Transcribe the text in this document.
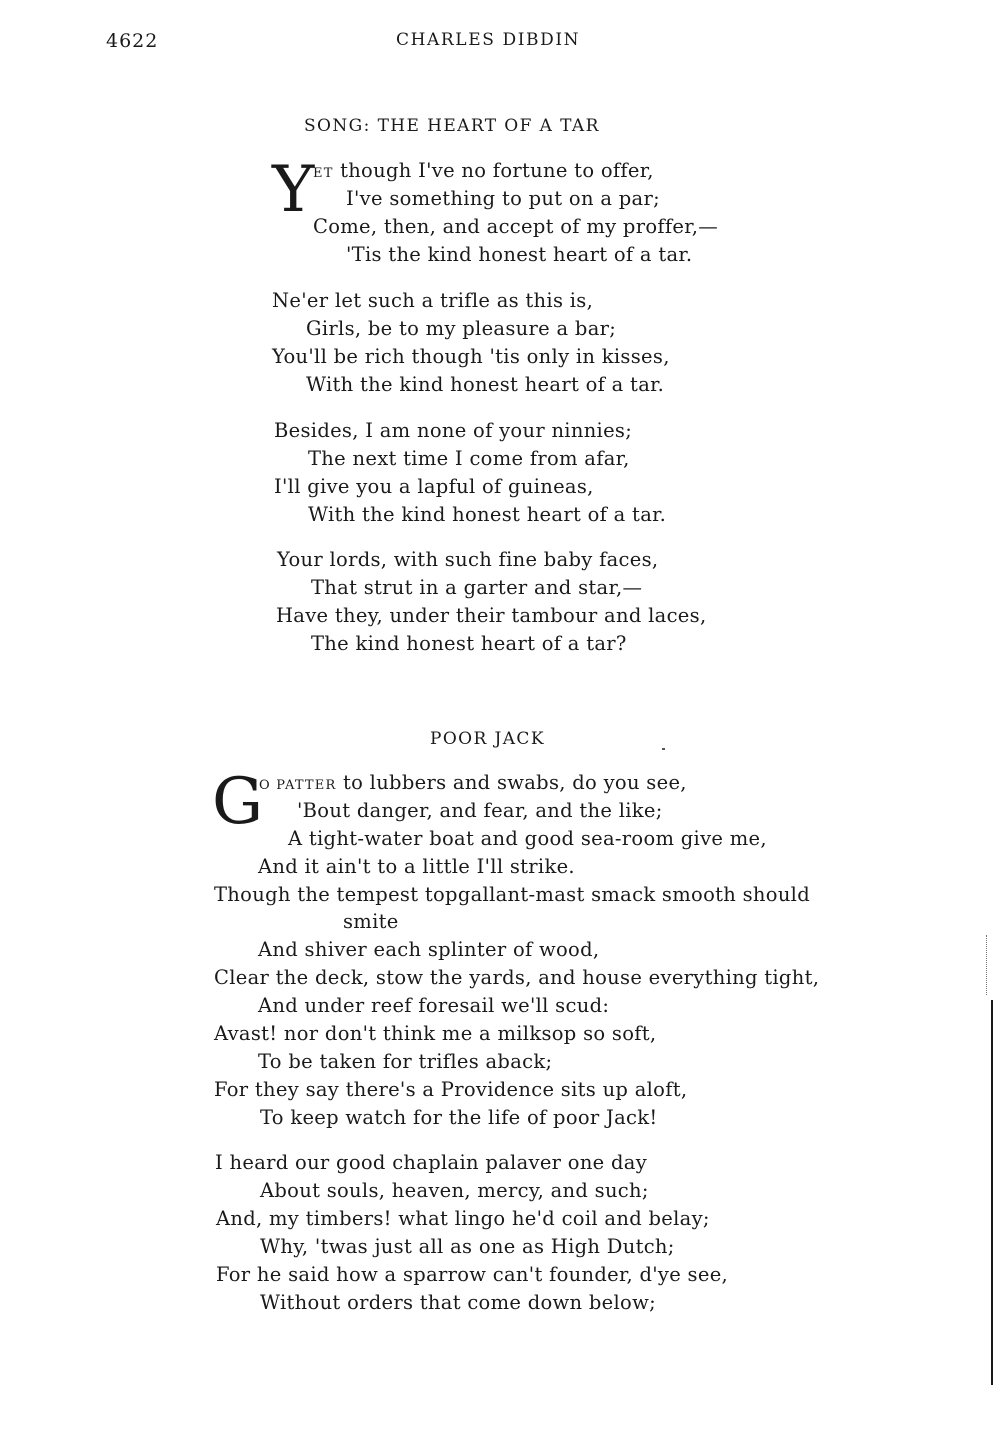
4622	CHARLES DIBDIN
SONG: THE HEART OF A TAR
Y
ET though I've no fortune to offer,
I've something to put on a par;
Come, then, and accept of my proffer,—
'Tis the kind honest heart of a tar.
Ne'er let such a trifle as this is,
Girls, be to my pleasure a bar;
You'll be rich though 'tis only in kisses,
With the kind honest heart of a tar.
Besides, I am none of your ninnies;
The next time I come from afar,
I'll give you a lapful of guineas,
With the kind honest heart of a tar.
Your lords, with such fine baby faces,
That strut in a garter and star,—
Have they, under their tambour and laces,
The kind honest heart of a tar?
POOR JACK
G
O PATTER to lubbers and swabs, do you see,
'Bout danger, and fear, and the like;
A tight-water boat and good sea-room give me,
And it ain't to a little I'll strike.
Though the tempest topgallant-mast smack smooth should
smite
And shiver each splinter of wood,
Clear the deck, stow the yards, and house everything tight,
And under reef foresail we'll scud:
Avast! nor don't think me a milksop so soft,
To be taken for trifles aback;
For they say there's a Providence sits up aloft,
To keep watch for the life of poor Jack!
I heard our good chaplain palaver one day
About souls, heaven, mercy, and such;
And, my timbers! what lingo he'd coil and belay;
Why, 'twas just all as one as High Dutch;
For he said how a sparrow can't founder, d'ye see,
Without orders that come down below;
